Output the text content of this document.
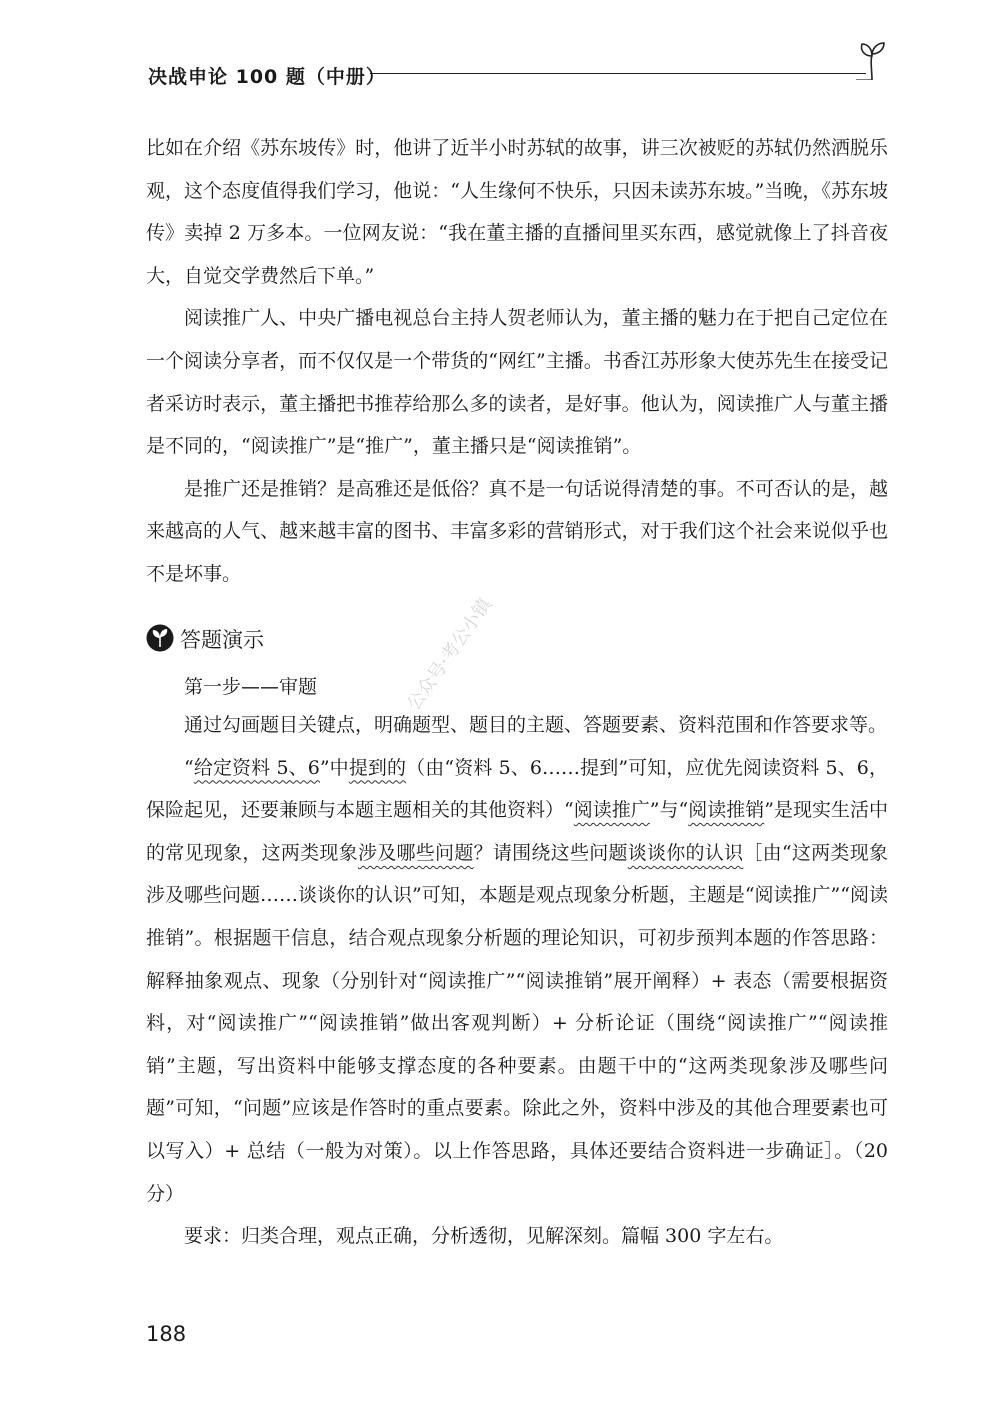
决战申论 100 题（中册）

比如在介绍《苏东坡传》时，他讲了近半小时苏轼的故事，讲三次被贬的苏轼仍然洒脱乐观，这个态度值得我们学习，他说：“人生缘何不快乐，只因未读苏东坡。”当晚，《苏东坡传》卖掉 2 万多本。一位网友说：“我在董主播的直播间里买东西，感觉就像上了抖音夜大，自觉交学费然后下单。”

阅读推广人、中央广播电视总台主持人贺老师认为，董主播的魅力在于把自己定位在一个阅读分享者，而不仅仅是一个带货的“网红”主播。书香江苏形象大使苏先生在接受记者采访时表示，董主播把书推荐给那么多的读者，是好事。他认为，阅读推广人与董主播是不同的，“阅读推广”是“推广”，董主播只是“阅读推销”。

是推广还是推销？是高雅还是低俗？真不是一句话说得清楚的事。不可否认的是，越来越高的人气、越来越丰富的图书、丰富多彩的营销形式，对于我们这个社会来说似乎也不是坏事。

答题演示
第一步——审题

通过勾画题目关键点，明确题型、题目的主题、答题要素、资料范围和作答要求等。

“给定资料 5、6”中提到的（由“资料 5、6……提到”可知，应优先阅读资料 5、6，保险起见，还要兼顾与本题主题相关的其他资料）“阅读推广”与“阅读推销”是现实生活中的常见现象，这两类现象涉及哪些问题？请围绕这些问题谈谈你的认识［由“这两类现象涉及哪些问题……谈谈你的认识”可知，本题是观点现象分析题，主题是“阅读推广”“阅读推销”。根据题干信息，结合观点现象分析题的理论知识，可初步预判本题的作答思路：解释抽象观点、现象（分别针对“阅读推广”“阅读推销”展开阐释）+ 表态（需要根据资料，对“阅读推广”“阅读推销”做出客观判断）+ 分析论证（围绕“阅读推广”“阅读推销”主题，写出资料中能够支撑态度的各种要素。由题干中的“这两类现象涉及哪些问题”可知，“问题”应该是作答时的重点要素。除此之外，资料中涉及的其他合理要素也可以写入）+ 总结（一般为对策）。以上作答思路，具体还要结合资料进一步确证］。（20 分）

要求：归类合理，观点正确，分析透彻，见解深刻。篇幅 300 字左右。

公众号·考公小镇
188
